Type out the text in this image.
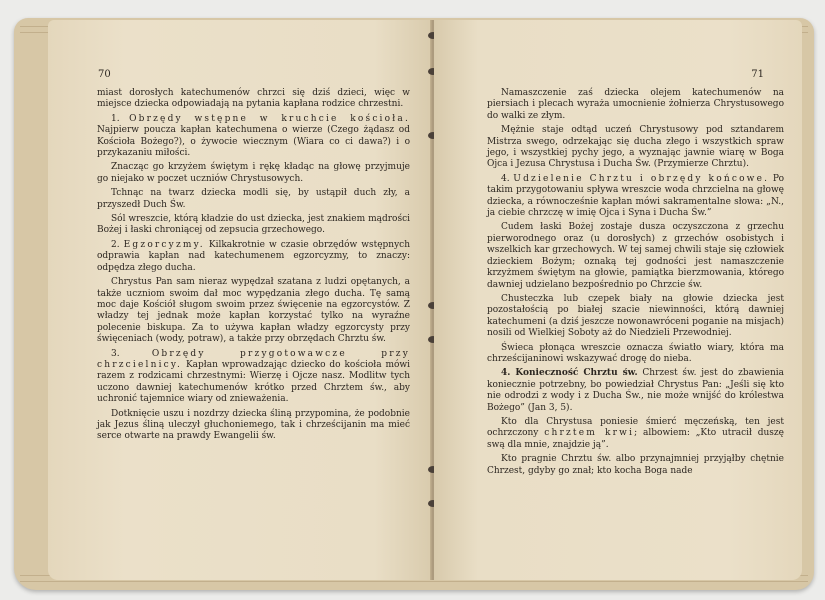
70

miast dorosłych katechumenów chrzci się dziś dzieci, więc w miejsce dziecka odpowiadają na pytania kapłana rodzice chrzestni.

1. Obrzędy wstępne w kruchcie kościoła. Najpierw poucza kapłan katechumena o wierze (Czego żądasz od Kościoła Bożego?), o żywocie wiecznym (Wiara co ci dawa?) i o przykazaniu miłości.

Znacząc go krzyżem świętym i rękę kładąc na głowę przyjmuje go niejako w poczet uczniów Chrystusowych.

Tchnąc na twarz dziecka modli się, by ustąpił duch zły, a przyszedł Duch Św.

Sól wreszcie, którą kładzie do ust dziecka, jest znakiem mądrości Bożej i łaski chroniącej od zepsucia grzechowego.

2. Egzorcyzmy. Kilkakrotnie w czasie obrzędów wstępnych odprawia kapłan nad katechumenem egzorcyzmy, to znaczy: odpędza złego ducha.

Chrystus Pan sam nieraz wypędzał szatana z ludzi opętanych, a także uczniom swoim dał moc wypędzania złego ducha. Tę samą moc daje Kościół sługom swoim przez święcenie na egzorcystów. Z władzy tej jednak może kapłan korzystać tylko na wyraźne polecenie biskupa. Za to używa kapłan władzy egzorcysty przy święceniach (wody, potraw), a także przy obrzędach Chrztu św.

3. Obrzędy przygotowawcze przy chrzcielnicy. Kapłan wprowadzając dziecko do kościoła mówi razem z rodzicami chrzestnymi: Wierzę i Ojcze nasz. Modlitw tych uczono dawniej katechumenów krótko przed Chrztem św., aby uchronić tajemnice wiary od znieważenia.

Dotknięcie uszu i nozdrzy dziecka śliną przypomina, że podobnie jak Jezus śliną uleczył głuchoniemego, tak i chrześcijanin ma mieć serce otwarte na prawdy Ewangelii św.

71

Namaszczenie zaś dziecka olejem katechumenów na piersiach i plecach wyraża umocnienie żołnierza Chrystusowego do walki ze złym.

Mężnie staje odtąd uczeń Chrystusowy pod sztandarem Mistrza swego, odrzekając się ducha złego i wszystkich spraw jego, i wszystkiej pychy jego, a wyznając jawnie wiarę w Boga Ojca i Jezusa Chrystusa i Ducha Św. (Przymierze Chrztu).

4. Udzielenie Chrztu i obrzędy końcowe. Po takim przygotowaniu spływa wreszcie woda chrzcielna na głowę dziecka, a równocześnie kapłan mówi sakramentalne słowa: „N., ja ciebie chrzczę w imię Ojca i Syna i Ducha Św.”

Cudem łaski Bożej zostaje dusza oczyszczona z grzechu pierworodnego oraz (u dorosłych) z grzechów osobistych i wszelkich kar grzechowych. W tej samej chwili staje się człowiek dzieckiem Bożym; oznaką tej godności jest namaszczenie krzyżmem świętym na głowie, pamiątka bierzmowania, którego dawniej udzielano bezpośrednio po Chrzcie św.

Chusteczka lub czepek biały na głowie dziecka jest pozostałością po białej szacie niewinności, którą dawniej katechumeni (a dziś jeszcze nowonawróceni poganie na misjach) nosili od Wielkiej Soboty aż do Niedzieli Przewodniej.

Świeca płonąca wreszcie oznacza światło wiary, która ma chrześcijaninowi wskazywać drogę do nieba.

4. Konieczność Chrztu św. Chrzest św. jest do zbawienia koniecznie potrzebny, bo powiedział Chrystus Pan: „Jeśli się kto nie odrodzi z wody i z Ducha Św., nie może wnijść do królestwa Bożego” (Jan 3, 5).

Kto dla Chrystusa poniesie śmierć męczeńską, ten jest ochrzczony chrztem krwi; albowiem: „Kto utracił duszę swą dla mnie, znajdzie ją”.

Kto pragnie Chrztu św. albo przynajmniej przyjąłby chętnie Chrzest, gdyby go znał; kto kocha Boga nade
